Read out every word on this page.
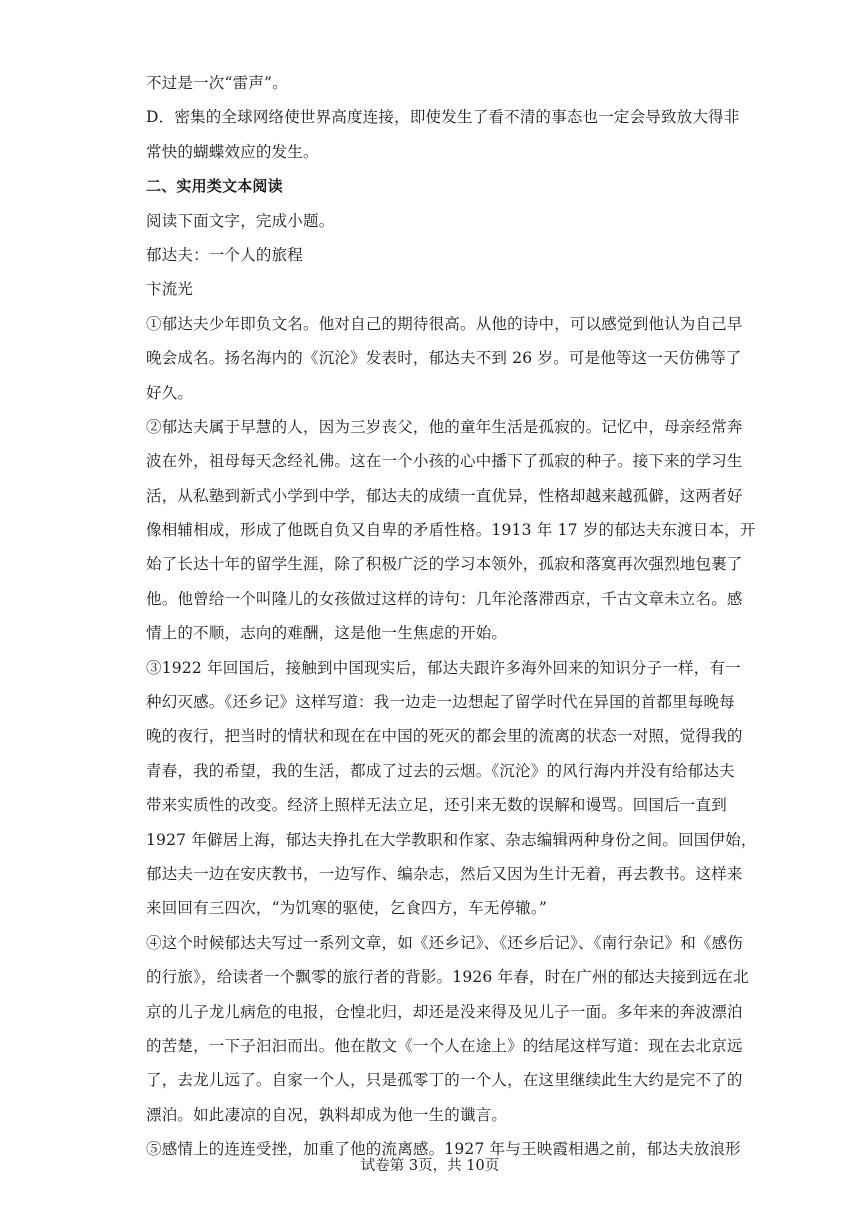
不过是一次“雷声”。
D．密集的全球网络使世界高度连接，即使发生了看不清的事态也一定会导致放大得非
常快的蝴蝶效应的发生。
二、实用类文本阅读
阅读下面文字，完成小题。
郁达夫：一个人的旅程
卞流光
①郁达夫少年即负文名。他对自己的期待很高。从他的诗中，可以感觉到他认为自己早
晚会成名。扬名海内的《沉沦》发表时，郁达夫不到 26 岁。可是他等这一天仿佛等了
好久。
②郁达夫属于早慧的人，因为三岁丧父，他的童年生活是孤寂的。记忆中，母亲经常奔
波在外，祖母每天念经礼佛。这在一个小孩的心中播下了孤寂的种子。接下来的学习生
活，从私塾到新式小学到中学，郁达夫的成绩一直优异，性格却越来越孤僻，这两者好
像相辅相成，形成了他既自负又自卑的矛盾性格。1913 年 17 岁的郁达夫东渡日本，开
始了长达十年的留学生涯，除了积极广泛的学习本领外，孤寂和落寞再次强烈地包裹了
他。他曾给一个叫隆儿的女孩做过这样的诗句：几年沦落滞西京，千古文章未立名。感
情上的不顺，志向的难酬，这是他一生焦虑的开始。
③1922 年回国后，接触到中国现实后，郁达夫跟许多海外回来的知识分子一样，有一
种幻灭感。《还乡记》这样写道：我一边走一边想起了留学时代在异国的首都里每晚每
晚的夜行，把当时的情状和现在在中国的死灭的都会里的流离的状态一对照，觉得我的
青春，我的希望，我的生活，都成了过去的云烟。《沉沦》的风行海内并没有给郁达夫
带来实质性的改变。经济上照样无法立足，还引来无数的误解和谩骂。回国后一直到
1927 年僻居上海，郁达夫挣扎在大学教职和作家、杂志编辑两种身份之间。回国伊始，
郁达夫一边在安庆教书，一边写作、编杂志，然后又因为生计无着，再去教书。这样来
来回回有三四次，“为饥寒的驱使，乞食四方，车无停辙。”
④这个时候郁达夫写过一系列文章，如《还乡记》、《还乡后记》、《南行杂记》和《感伤
的行旅》，给读者一个飘零的旅行者的背影。1926 年春，时在广州的郁达夫接到远在北
京的儿子龙儿病危的电报，仓惶北归，却还是没来得及见儿子一面。多年来的奔波漂泊
的苦楚，一下子汩汩而出。他在散文《一个人在途上》的结尾这样写道：现在去北京远
了，去龙儿远了。自家一个人，只是孤零丁的一个人，在这里继续此生大约是完不了的
漂泊。如此凄凉的自况，孰料却成为他一生的谶言。
⑤感情上的连连受挫，加重了他的流离感。1927 年与王映霞相遇之前，郁达夫放浪形
试卷第 3页，共 10页
